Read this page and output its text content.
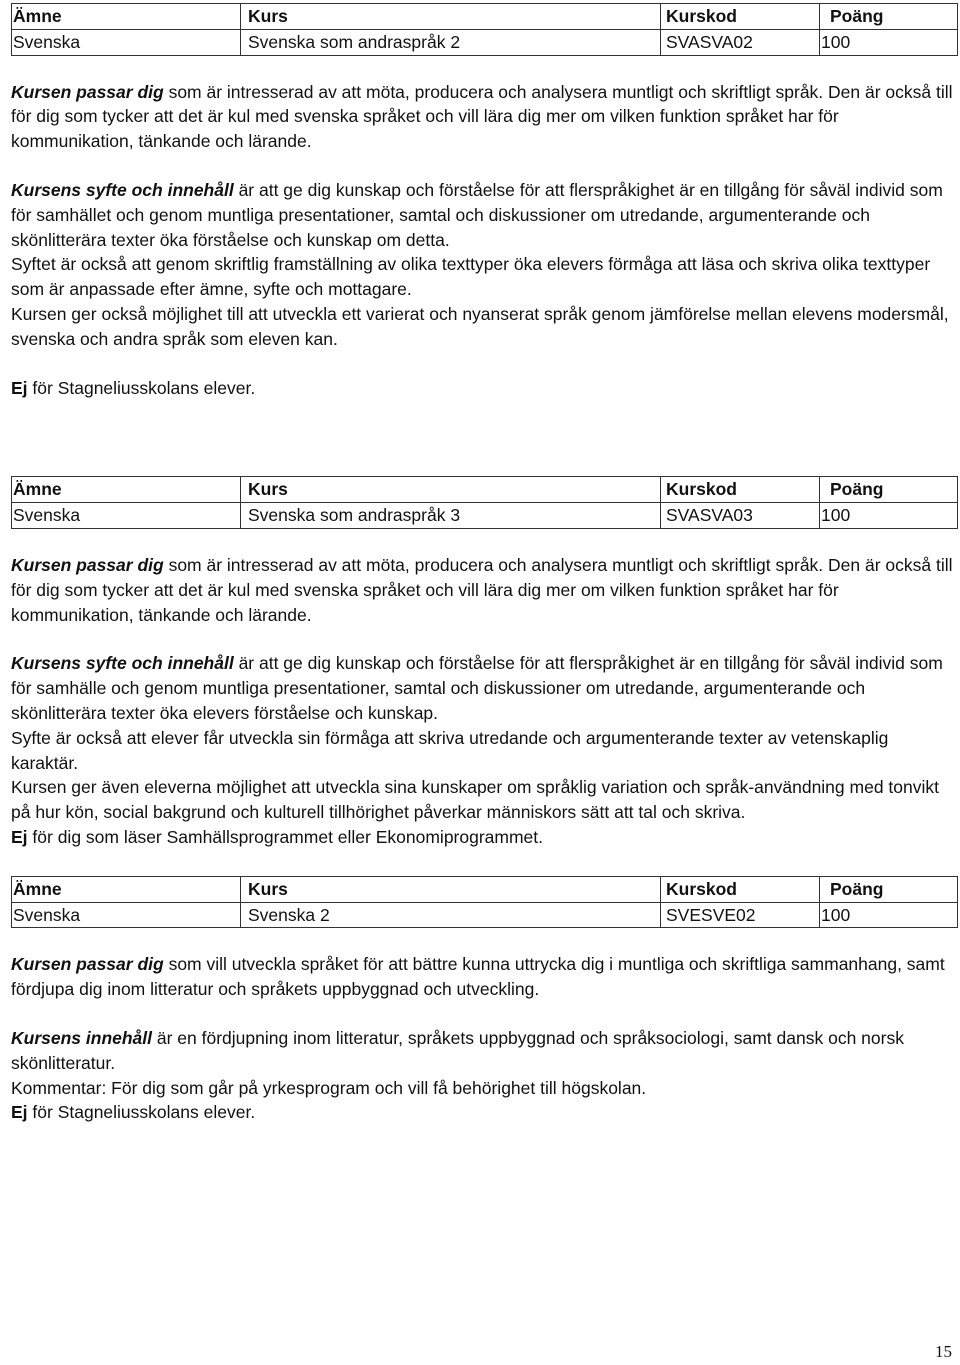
Ämne	Kurs	Kurskod	Poäng
Svenska	Svenska som andraspråk 2	SVASVA02	100

Kursen passar dig som är intresserad av att möta, producera och analysera muntligt och skriftligt språk. Den är också till för dig som tycker att det är kul med svenska språket och vill lära dig mer om vilken funktion språket har för kommunikation, tänkande och lärande.

Kursens syfte och innehåll är att ge dig kunskap och förståelse för att flerspråkighet är en tillgång för såväl individ som för samhället och genom muntliga presentationer, samtal och diskussioner om utredande, argumenterande och skönlitterära texter öka förståelse och kunskap om detta.

Syftet är också att genom skriftlig framställning av olika texttyper öka elevers förmåga att läsa och skriva olika texttyper som är anpassade efter ämne, syfte och mottagare.

Kursen ger också möjlighet till att utveckla ett varierat och nyanserat språk genom jämförelse mellan elevens modersmål, svenska och andra språk som eleven kan.

Ej för Stagneliusskolans elever.

Ämne	Kurs	Kurskod	Poäng
Svenska	Svenska som andraspråk 3	SVASVA03	100

Kursen passar dig som är intresserad av att möta, producera och analysera muntligt och skriftligt språk. Den är också till för dig som tycker att det är kul med svenska språket och vill lära dig mer om vilken funktion språket har för kommunikation, tänkande och lärande.

Kursens syfte och innehåll är att ge dig kunskap och förståelse för att flerspråkighet är en tillgång för såväl individ som för samhälle och genom muntliga presentationer, samtal och diskussioner om utredande, argumenterande och skönlitterära texter öka elevers förståelse och kunskap.

Syfte är också att elever får utveckla sin förmåga att skriva utredande och argumenterande texter av vetenskaplig karaktär.

Kursen ger även eleverna möjlighet att utveckla sina kunskaper om språklig variation och språk-användning med tonvikt på hur kön, social bakgrund och kulturell tillhörighet påverkar människors sätt att tal och skriva.

Ej för dig som läser Samhällsprogrammet eller Ekonomiprogrammet.

Ämne	Kurs	Kurskod	Poäng
Svenska	Svenska 2	SVESVE02	100

Kursen passar dig som vill utveckla språket för att bättre kunna uttrycka dig i muntliga och skriftliga sammanhang, samt fördjupa dig inom litteratur och språkets uppbyggnad och utveckling.

Kursens innehåll är en fördjupning inom litteratur, språkets uppbyggnad och språksociologi, samt dansk och norsk skönlitteratur.

Kommentar: För dig som går på yrkesprogram och vill få behörighet till högskolan.

Ej för Stagneliusskolans elever.

15
